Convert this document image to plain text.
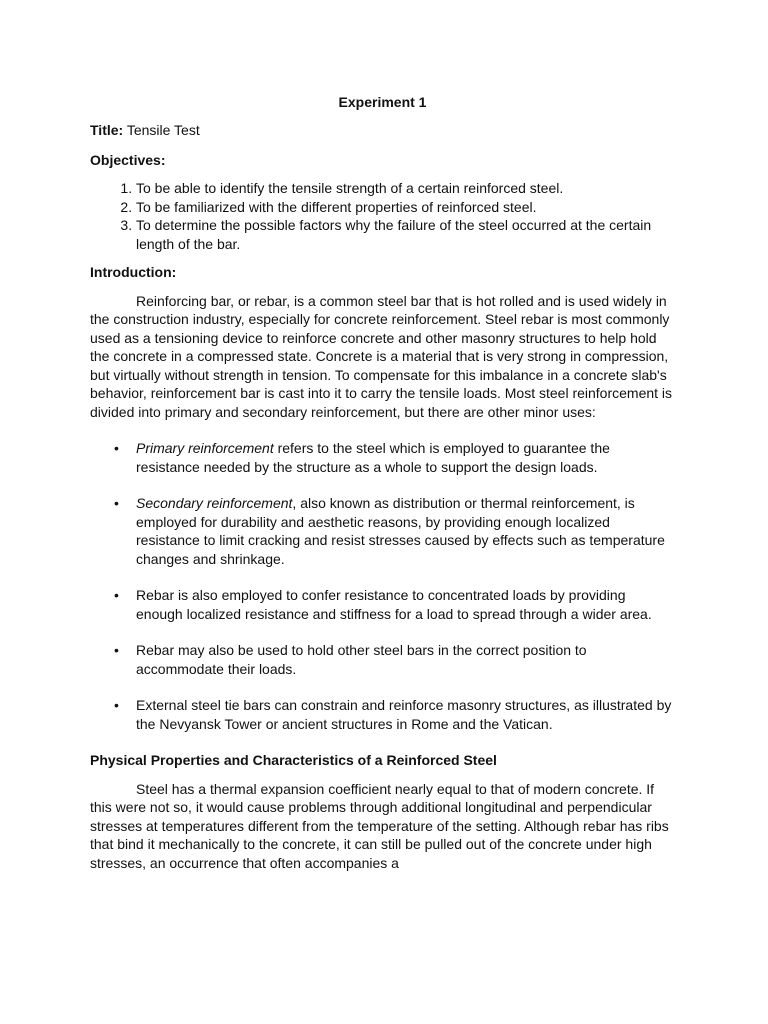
Experiment 1
Title: Tensile Test
Objectives:
1. To be able to identify the tensile strength of a certain reinforced steel.
2. To be familiarized with the different properties of reinforced steel.
3. To determine the possible factors why the failure of the steel occurred at the certain length of the bar.
Introduction:

Reinforcing bar, or rebar, is a common steel bar that is hot rolled and is used widely in the construction industry, especially for concrete reinforcement. Steel rebar is most commonly used as a tensioning device to reinforce concrete and other masonry structures to help hold the concrete in a compressed state. Concrete is a material that is very strong in compression, but virtually without strength in tension. To compensate for this imbalance in a concrete slab's behavior, reinforcement bar is cast into it to carry the tensile loads. Most steel reinforcement is divided into primary and secondary reinforcement, but there are other minor uses:

• Primary reinforcement refers to the steel which is employed to guarantee the resistance needed by the structure as a whole to support the design loads.
• Secondary reinforcement, also known as distribution or thermal reinforcement, is employed for durability and aesthetic reasons, by providing enough localized resistance to limit cracking and resist stresses caused by effects such as temperature changes and shrinkage.
• Rebar is also employed to confer resistance to concentrated loads by providing enough localized resistance and stiffness for a load to spread through a wider area.
• Rebar may also be used to hold other steel bars in the correct position to accommodate their loads.
• External steel tie bars can constrain and reinforce masonry structures, as illustrated by the Nevyansk Tower or ancient structures in Rome and the Vatican.
Physical Properties and Characteristics of a Reinforced Steel

Steel has a thermal expansion coefficient nearly equal to that of modern concrete. If this were not so, it would cause problems through additional longitudinal and perpendicular stresses at temperatures different from the temperature of the setting. Although rebar has ribs that bind it mechanically to the concrete, it can still be pulled out of the concrete under high stresses, an occurrence that often accompanies a
